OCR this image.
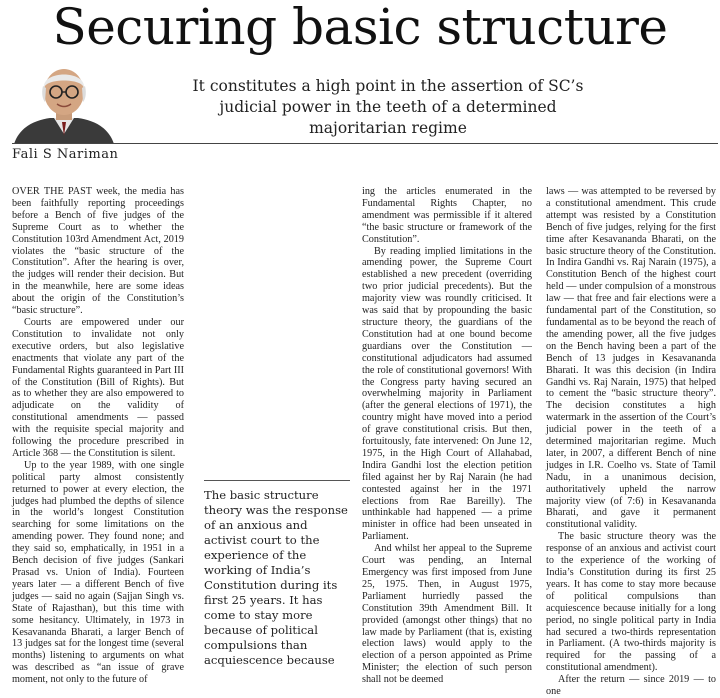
Securing basic structure

It constitutes a high point in the assertion of SC’s judicial power in the teeth of a determined majoritarian regime

Fali S Nariman

OVER THE PAST week, the media has been faithfully reporting proceedings before a Bench of five judges of the Supreme Court as to whether the Constitution 103rd Amendment Act, 2019 violates the “basic structure of the Constitution”. After the hearing is over, the judges will render their decision. But in the meanwhile, here are some ideas about the origin of the Constitution’s “basic structure”.

Courts are empowered under our Constitution to invalidate not only executive orders, but also legislative enactments that violate any part of the Fundamental Rights guaranteed in Part III of the Constitution (Bill of Rights). But as to whether they are also empowered to adjudicate on the validity of constitutional amendments — passed with the requisite special majority and following the procedure prescribed in Article 368 — the Constitution is silent.

Up to the year 1989, with one single political party almost consistently returned to power at every election, the judges had plumbed the depths of silence in the world’s longest Constitution searching for some limitations on the amending power. They found none; and they said so, emphatically, in 1951 in a Bench decision of five judges (Sankari Prasad vs. Union of India). Fourteen years later — a different Bench of five judges — said no again (Sajjan Singh vs. State of Rajasthan), but this time with some hesitancy. Ultimately, in 1973 in Kesavananda Bharati, a larger Bench of 13 judges sat for the longest time (several months) listening to arguments on what was described as “an issue of grave moment, not only to the future of

The basic structure theory was the response of an anxious and activist court to the experience of the working of India’s Constitution during its first 25 years. It has come to stay more because of political compulsions than acquiescence because

ing the articles enumerated in the Fundamental Rights Chapter, no amendment was permissible if it altered “the basic structure or framework of the Constitution”.

By reading implied limitations in the amending power, the Supreme Court established a new precedent (overriding two prior judicial precedents). But the majority view was roundly criticised. It was said that by propounding the basic structure theory, the guardians of the Constitution had at one bound become guardians over the Constitution — constitutional adjudicators had assumed the role of constitutional governors! With the Congress party having secured an overwhelming majority in Parliament (after the general elections of 1971), the country might have moved into a period of grave constitutional crisis. But then, fortuitously, fate intervened: On June 12, 1975, in the High Court of Allahabad, Indira Gandhi lost the election petition filed against her by Raj Narain (he had contested against her in the 1971 elections from Rae Bareilly). The unthinkable had happened — a prime minister in office had been unseated in Parliament.

And whilst her appeal to the Supreme Court was pending, an Internal Emergency was first imposed from June 25, 1975. Then, in August 1975, Parliament hurriedly passed the Constitution 39th Amendment Bill. It provided (amongst other things) that no law made by Parliament (that is, existing election laws) would apply to the election of a person appointed as Prime Minister; the election of such person shall not be deemed

laws — was attempted to be reversed by a constitutional amendment. This crude attempt was resisted by a Constitution Bench of five judges, relying for the first time after Kesavananda Bharati, on the basic structure theory of the Constitution. In Indira Gandhi vs. Raj Narain (1975), a Constitution Bench of the highest court held — under compulsion of a monstrous law — that free and fair elections were a fundamental part of the Constitution, so fundamental as to be beyond the reach of the amending power, all the five judges on the Bench having been a part of the Bench of 13 judges in Kesavananda Bharati. It was this decision (in Indira Gandhi vs. Raj Narain, 1975) that helped to cement the “basic structure theory”. The decision constitutes a high watermark in the assertion of the Court’s judicial power in the teeth of a determined majoritarian regime. Much later, in 2007, a different Bench of nine judges in I.R. Coelho vs. State of Tamil Nadu, in a unanimous decision, authoritatively upheld the narrow majority view (of 7:6) in Kesavananda Bharati, and gave it permanent constitutional validity.

The basic structure theory was the response of an anxious and activist court to the experience of the working of India’s Constitution during its first 25 years. It has come to stay more because of political compulsions than acquiescence because initially for a long period, no single political party in India had secured a two-thirds representation in Parliament. (A two-thirds majority is required for the passing of a constitutional amendment).

After the return — since 2019 — to one
